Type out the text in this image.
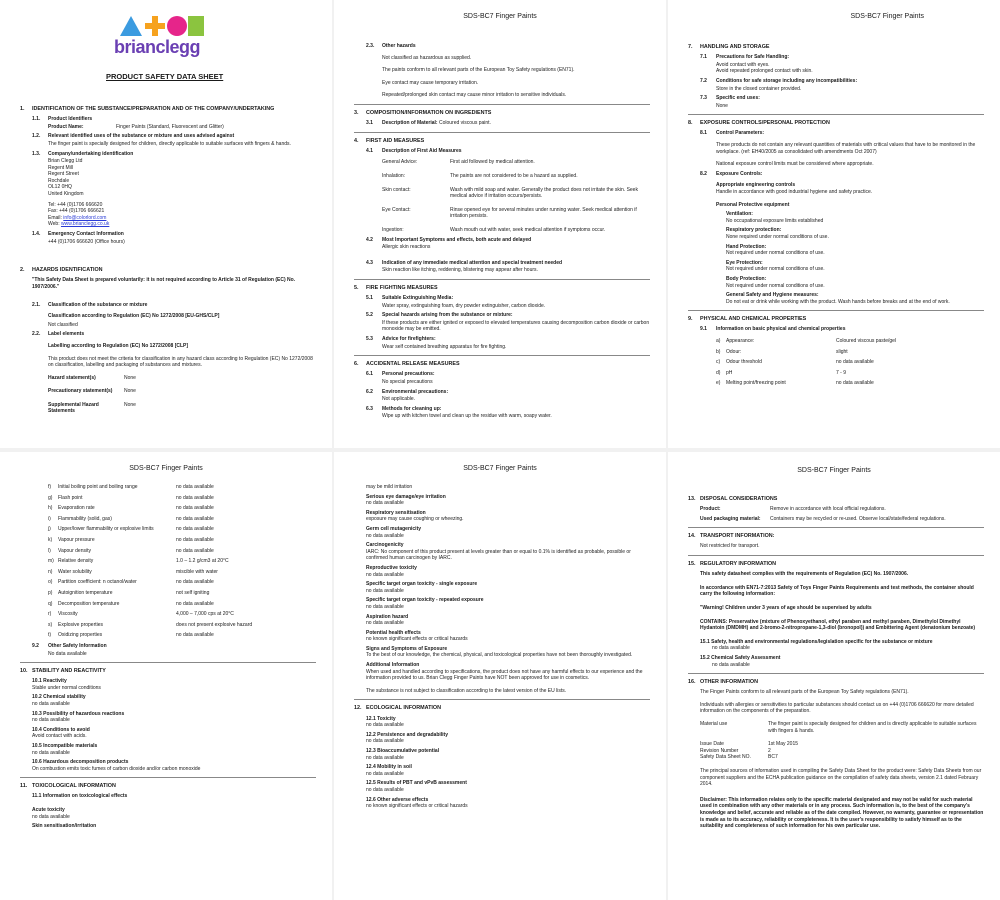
brianclegg
PRODUCT SAFETY DATA SHEET
1. IDENTIFICATION OF THE SUBSTANCE/PREPARATION AND OF THE COMPANY/UNDERTAKING
1.1. Product Identifiers
Product Name:	Finger Paints (Standard, Fluorescent and Glitter)
1.2. Relevant identified uses of the substance or mixture and uses advised against
The finger paint is specially designed for children, directly applicable to suitable surfaces with fingers & hands.
1.3. Company/undertaking identification
Brian Clegg Ltd
Regent Mill
Regent Street
Rochdale
OL12 0HQ
United Kingdom
Tel: +44 (0)1706 666620
Fax: +44 (0)1706 666621
Email: info@colorlord.com
Web: www.brianclegg.co.uk
1.4. Emergency Contact Information
+44 (0)1706 666620 (Office hours)
2. HAZARDS IDENTIFICATION
"This Safety Data Sheet is prepared voluntarily: it is not required according to Article 31 of Regulation (EC) No. 1907/2006."
2.1. Classification of the substance or mixture
Classification according to Regulation (EC) No 1272/2008 [EU-GHS/CLP]
Not classified
2.2. Label elements
Labelling according to Regulation (EC) No 1272/2008 [CLP]
This product does not meet the criteria for classification in any hazard class according to Regulation (EC) No 1272/2008 on classification, labelling and packaging of substances and mixtures.
Hazard statement(s)	None
Precautionary statement(s)	None
Supplemental Hazard Statements
None
SDS-BC7 Finger Paints
2.3. Other hazards
Not classified as hazardous as supplied.
The paints conform to all relevant parts of the European Toy Safety regulations (EN71).
Eye contact may cause temporary irritation.
Repeated/prolonged skin contact may cause minor irritation to sensitive individuals.
3. COMPOSITION/INFORMATION ON INGREDIENTS
3.1 Description of Material: Coloured viscous paint.
4. FIRST AID MEASURES
4.1 Description of First Aid Measures
General Advice:	First aid followed by medical attention.
Inhalation:	The paints are not considered to be a hazard as supplied.
Skin contact:	Wash with mild soap and water. Generally the product does not irritate the skin. Seek medical advice if irritation occurs/persists.
Eye Contact:	Rinse opened eye for several minutes under running water. Seek medical attention if irritation persists.
Ingestion:	Wash mouth out with water, seek medical attention if symptoms occur.
4.2 Most Important Symptoms and effects, both acute and delayed
Allergic skin reactions
4.3 Indication of any immediate medical attention and special treatment needed
Skin reaction like itching, reddening, blistering may appear after hours.
5. FIRE FIGHTING MEASURES
5.1 Suitable Extinguishing Media:
Water spray, extinguishing foam, dry powder extinguisher, carbon dioxide.
5.2 Special hazards arising from the substance or mixture:
If these products are either ignited or exposed to elevated temperatures causing decomposition carbon dioxide or carbon monoxide may be emitted.
5.3 Advice for firefighters:
Wear self contained breathing apparatus for fire fighting.
6. ACCIDENTAL RELEASE MEASURES
6.1 Personal precautions:
No special precautions
6.2 Environmental precautions:
Not applicable.
6.3 Methods for cleaning up:
Wipe up with kitchen towel and clean up the residue with warm, soapy water.
SDS-BC7 Finger Paints
7. HANDLING AND STORAGE
7.1 Precautions for Safe Handling:
Avoid contact with eyes.
Avoid repeated prolonged contact with skin.
7.2 Conditions for safe storage including any incompatibilities:
Store in the closed container provided.
7.3 Specific end uses:
None
8. EXPOSURE CONTROLS/PERSONAL PROTECTION
8.1 Control Parameters:
These products do not contain any relevant quantities of materials with critical values that have to be monitored in the workplace. (ref: EH40/2005 as consolidated with amendments Oct 2007)
National exposure control limits must be considered where appropriate.
8.2 Exposure Controls:
Appropriate engineering controls
Handle in accordance with good industrial hygiene and safety practice.
Personal Protective equipment
Ventilation:
No occupational exposure limits established
Respiratory protection:
None required under normal conditions of use.
Hand Protection:
Not required under normal conditions of use.
Eye Protection:
Not required under normal conditions of use.
Body Protection:
Not required under normal conditions of use.
General Safety and Hygiene measures:
Do not eat or drink while working with the product. Wash hands before breaks and at the end of work.
9. PHYSICAL AND CHEMICAL PROPERTIES
9.1 Information on basic physical and chemical properties
a)	Appearance:	Coloured viscous paste/gel
b)	Odour:	slight
c)	Odour threshold	no data available
d)	pH	7 - 9
e)	Melting point/freezing point	no data available
SDS-BC7 Finger Paints
f)	Initial boiling point and boiling range	no data available
g)	Flash point	no data available
h)	Evaporation rate	no data available
i)	Flammability (solid, gas)	no data available
j)	Upper/lower flammability or explosive limits	no data available
k)	Vapour pressure	no data available
l)	Vapour density	no data available
m) Relative density	1.0 – 1.2 g/cm3 at 20°C
n)	Water solubility	miscible with water
o)	Partition coefficient: n octanol/water	no data available
p)	Autoignition temperature	not self igniting
q)	Decomposition temperature	no data available
r)	Viscosity	4,000 – 7,000 cps at 20°C
s)	Explosive properties	does not present explosive hazard
t)	Oxidizing properties	no data available
9.2 Other Safety Information
No data available
10. STABILITY AND REACTIVITY
10.1 Reactivity
Stable under normal conditions
10.2 Chemical stability
no data available
10.3 Possibility of hazardous reactions
no data available
10.4 Conditions to avoid
Avoid contact with acids.
10.5 Incompatible materials
no data available
10.6 Hazardous decomposition products
On combustion emits toxic fumes of carbon dioxide and/or carbon monoxide
11. TOXICOLOGICAL INFORMATION
11.1 Information on toxicological effects
Acute toxicity
no data available
Skin sensitisation/irritation
SDS-BC7 Finger Paints
may be mild irritation
Serious eye damage/eye irritation
no data available
Respiratory sensitisation
exposure may cause coughing or wheezing.
Germ cell mutagenicity
no data available
Carcinogenicity
IARC: No component of this product present at levels greater than or equal to 0.1% is identified as probable, possible or confirmed human carcinogen by IARC.
Reproductive toxicity
no data available
Specific target organ toxicity - single exposure
no data available
Specific target organ toxicity - repeated exposure
no data available
Aspiration hazard
no data available
Potential health effects
no known significant effects or critical hazards
Signs and Symptoms of Exposure
To the best of our knowledge, the chemical, physical, and toxicological properties have not been thoroughly investigated.
Additional Information
When used and handled according to specifications, the product does not have any harmful effects to our experience and the information provided to us. Brian Clegg Finger Paints have NOT been approved for use in cosmetics.
The substance is not subject to classification according to the latest version of the EU lists.
12. ECOLOGICAL INFORMATION
12.1 Toxicity
no data available
12.2 Persistence and degradability
no data available
12.3 Bioaccumulative potential
no data available
12.4 Mobility in soil
no data available
12.5 Results of PBT and vPvB assessment
no data available
12.6 Other adverse effects
no known significant effects or critical hazards
SDS-BC7 Finger Paints
13. DISPOSAL CONSIDERATIONS
Product:	Remove in accordance with local official regulations.
Used packaging material:	Containers may be recycled or re-used. Observe local/state/federal regulations.
14. TRANSPORT INFORMATION:
Not restricted for transport.
15. REGULATORY INFORMATION
This safety datasheet complies with the requirements of Regulation (EC) No. 1907/2006.
In accordance with EN71-7:2013 Safety of Toys Finger Paints Requirements and test methods, the container should carry the following information:
"Warning! Children under 3 years of age should be supervised by adults
CONTAINS: Preservative (mixture of Phenoxyethanol, ethyl paraben and methyl paraben, Dimethylol Dimethyl Hydantoin (DMDMH) and 2-bromo-2-nitropropane-1,3-diol (bronopol)) and Embittering Agent (denatonium benzoate)
15.1 Safety, health and environmental regulations/legislation specific for the substance or mixture
no data available
15.2 Chemical Safety Assessment
no data available
16. OTHER INFORMATION
The Finger Paints conform to all relevant parts of the European Toy Safety regulations (EN71).
Individuals with allergies or sensitivities to particular substances should contact us on +44 (0)1706 666620 for more detailed information on the components of the preparation.
Material use	The finger paint is specially designed for children and is directly applicable to suitable surfaces with fingers & hands.
Issue Date	1st May 2015
Revision Number	2
Safety Data Sheet NO.	BC7
The principal sources of information used in compiling the Safety Data Sheet for the product were: Safety Data Sheets from our component suppliers and the ECHA publication guidance on the compilation of safety data sheets, version 2.1 dated February 2014.
Disclaimer: This information relates only to the specific material designated and may not be valid for such material used in combination with any other materials or in any process. Such information is, to the best of the company's knowledge and belief, accurate and reliable as of the date compiled. However, no warranty, guarantee or representation is made as to its accuracy, reliability or completeness. It is the user's responsibility to satisfy himself as to the suitability and completeness of such information for his own particular use.
